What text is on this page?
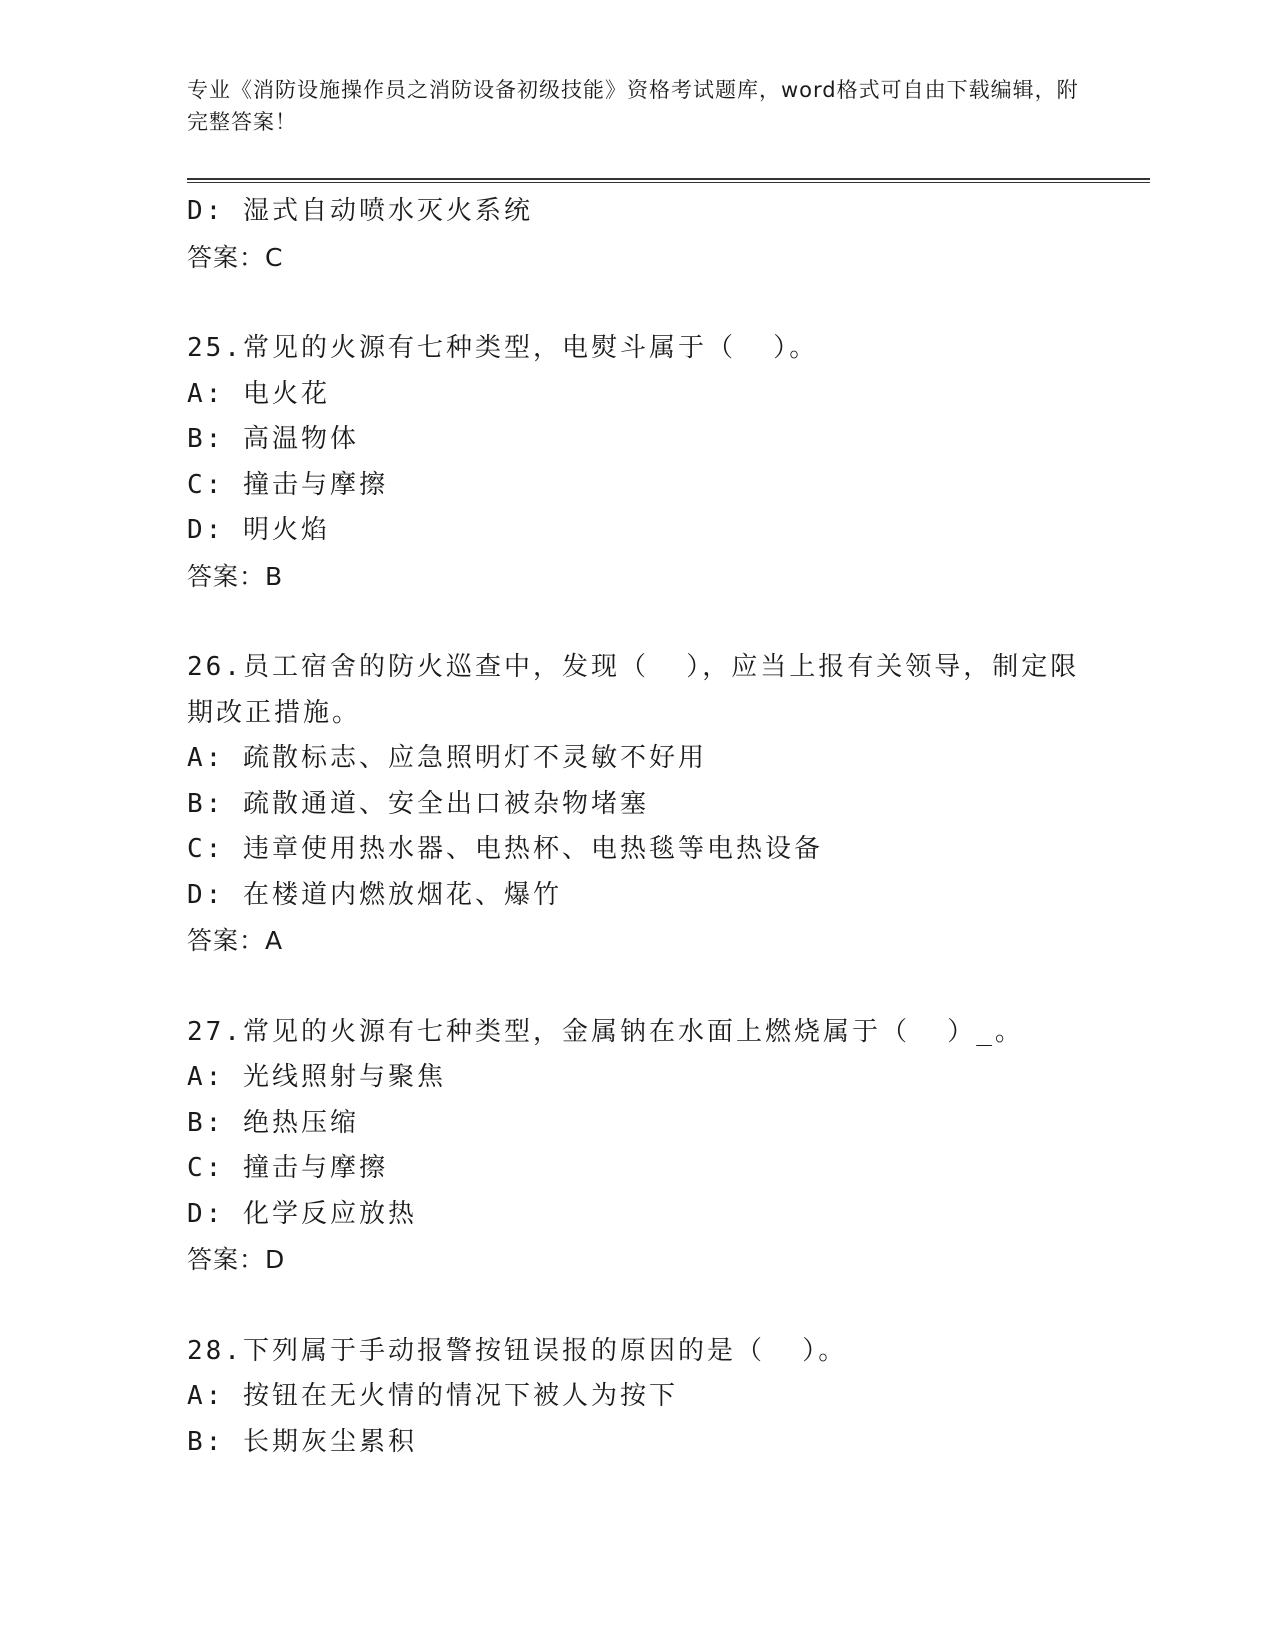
专业《消防设施操作员之消防设备初级技能》资格考试题库，word格式可自由下载编辑，附完整答案！
D: 湿式自动喷水灭火系统
答案：C
25.常见的火源有七种类型，电熨斗属于（  ）。
A: 电火花
B: 高温物体
C: 撞击与摩擦
D: 明火焰
答案：B
26.员工宿舍的防火巡查中，发现（  ），应当上报有关领导，制定限
期改正措施。
A: 疏散标志、应急照明灯不灵敏不好用
B: 疏散通道、安全出口被杂物堵塞
C: 违章使用热水器、电热杯、电热毯等电热设备
D: 在楼道内燃放烟花、爆竹
答案：A
27.常见的火源有七种类型，金属钠在水面上燃烧属于（  ）_。
A: 光线照射与聚焦
B: 绝热压缩
C: 撞击与摩擦
D: 化学反应放热
答案：D
28.下列属于手动报警按钮误报的原因的是（  ）。
A: 按钮在无火情的情况下被人为按下
B: 长期灰尘累积
